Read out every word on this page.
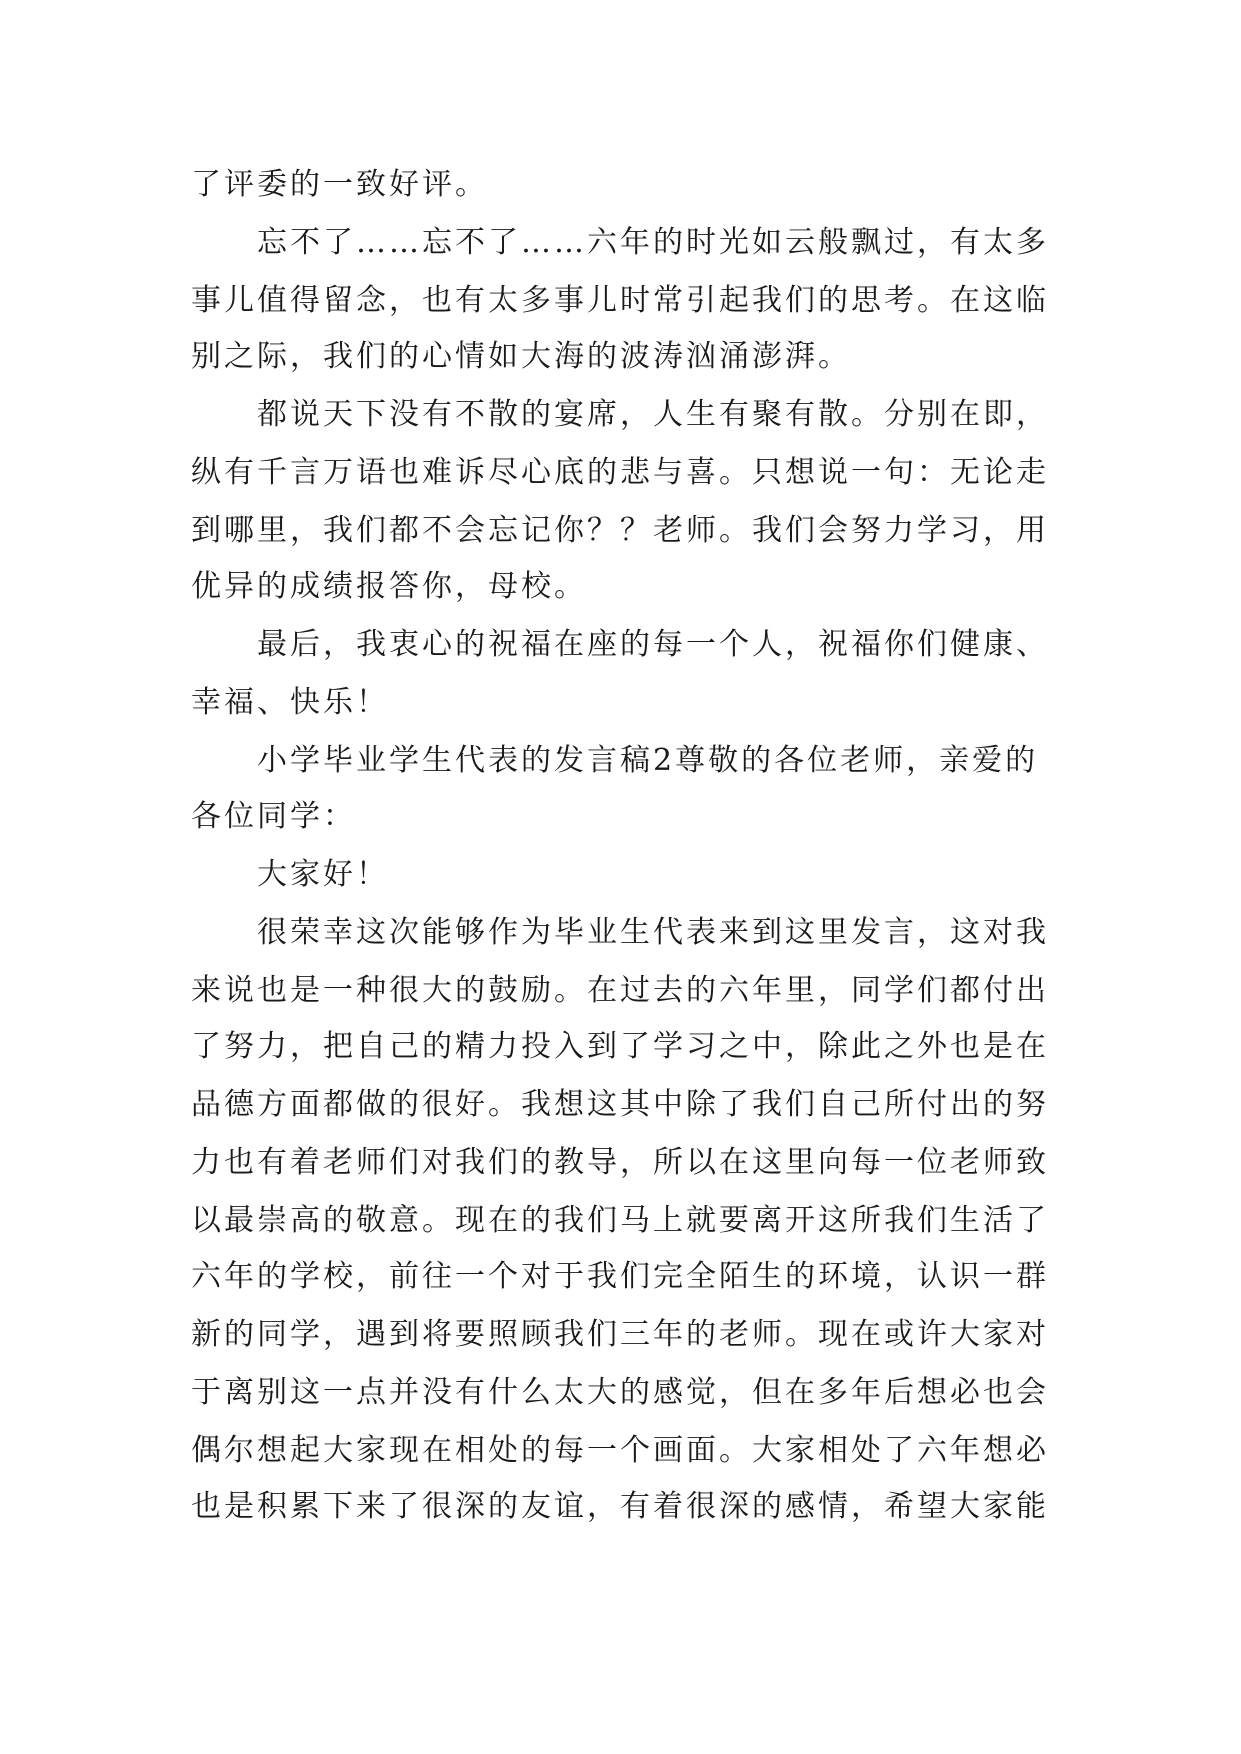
了评委的一致好评。
忘不了……忘不了……六年的时光如云般飘过，有太多
事儿值得留念，也有太多事儿时常引起我们的思考。在这临
别之际，我们的心情如大海的波涛汹涌澎湃。
都说天下没有不散的宴席，人生有聚有散。分别在即，
纵有千言万语也难诉尽心底的悲与喜。只想说一句：无论走
到哪里，我们都不会忘记你？？老师。我们会努力学习，用
优异的成绩报答你，母校。
最后，我衷心的祝福在座的每一个人，祝福你们健康、
幸福、快乐！
小学毕业学生代表的发言稿2尊敬的各位老师，亲爱的
各位同学：
大家好！
很荣幸这次能够作为毕业生代表来到这里发言，这对我
来说也是一种很大的鼓励。在过去的六年里，同学们都付出
了努力，把自己的精力投入到了学习之中，除此之外也是在
品德方面都做的很好。我想这其中除了我们自己所付出的努
力也有着老师们对我们的教导，所以在这里向每一位老师致
以最崇高的敬意。现在的我们马上就要离开这所我们生活了
六年的学校，前往一个对于我们完全陌生的环境，认识一群
新的同学，遇到将要照顾我们三年的老师。现在或许大家对
于离别这一点并没有什么太大的感觉，但在多年后想必也会
偶尔想起大家现在相处的每一个画面。大家相处了六年想必
也是积累下来了很深的友谊，有着很深的感情，希望大家能
